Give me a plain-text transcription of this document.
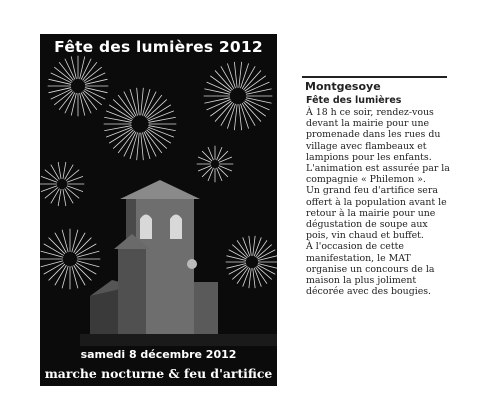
Fête des lumières 2012
samedi 8 décembre 2012
marche nocturne & feu d'artifice
Montgesoye
Fête des lumières

À 18 h ce soir, rendez-vous devant la mairie pour une promenade dans les rues du village avec flambeaux et lampions pour les enfants. L'animation est assurée par la compagnie « Philemon ».

Un grand feu d'artifice sera offert à la population avant le retour à la mairie pour une dégustation de soupe aux pois, vin chaud et buffet.

À l'occasion de cette manifestation, le MAT organise un concours de la maison la plus joliment décorée avec des bougies.
